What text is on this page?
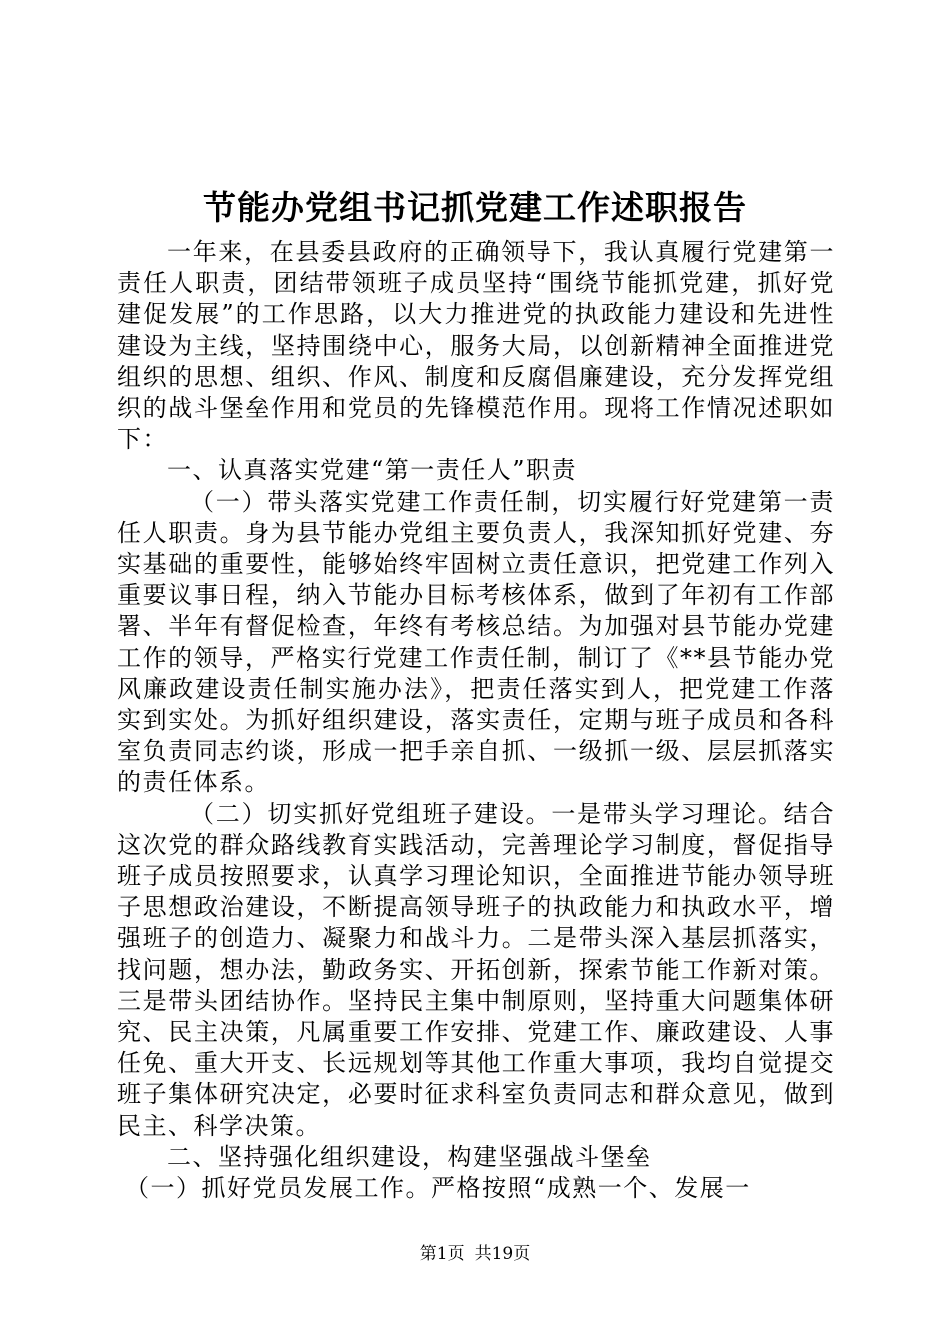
节能办党组书记抓党建工作述职报告

一年来，在县委县政府的正确领导下，我认真履行党建第一责任人职责，团结带领班子成员坚持“围绕节能抓党建，抓好党建促发展”的工作思路，以大力推进党的执政能力建设和先进性建设为主线，坚持围绕中心，服务大局，以创新精神全面推进党组织的思想、组织、作风、制度和反腐倡廉建设，充分发挥党组织的战斗堡垒作用和党员的先锋模范作用。现将工作情况述职如下：

一、认真落实党建“第一责任人”职责

（一）带头落实党建工作责任制，切实履行好党建第一责任人职责。身为县节能办党组主要负责人，我深知抓好党建、夯实基础的重要性，能够始终牢固树立责任意识，把党建工作列入重要议事日程，纳入节能办目标考核体系，做到了年初有工作部署、半年有督促检查，年终有考核总结。为加强对县节能办党建工作的领导，严格实行党建工作责任制，制订了《**县节能办党风廉政建设责任制实施办法》，把责任落实到人，把党建工作落实到实处。为抓好组织建设，落实责任，定期与班子成员和各科室负责同志约谈，形成一把手亲自抓、一级抓一级、层层抓落实的责任体系。

（二）切实抓好党组班子建设。一是带头学习理论。结合这次党的群众路线教育实践活动，完善理论学习制度，督促指导班子成员按照要求，认真学习理论知识，全面推进节能办领导班子思想政治建设，不断提高领导班子的执政能力和执政水平，增强班子的创造力、凝聚力和战斗力。二是带头深入基层抓落实，找问题，想办法，勤政务实、开拓创新，探索节能工作新对策。三是带头团结协作。坚持民主集中制原则，坚持重大问题集体研究、民主决策，凡属重要工作安排、党建工作、廉政建设、人事任免、重大开支、长远规划等其他工作重大事项，我均自觉提交班子集体研究决定，必要时征求科室负责同志和群众意见，做到民主、科学决策。

二、坚持强化组织建设，构建坚强战斗堡垒

（一）抓好党员发展工作。严格按照“成熟一个、发展一

第1页 共19页
